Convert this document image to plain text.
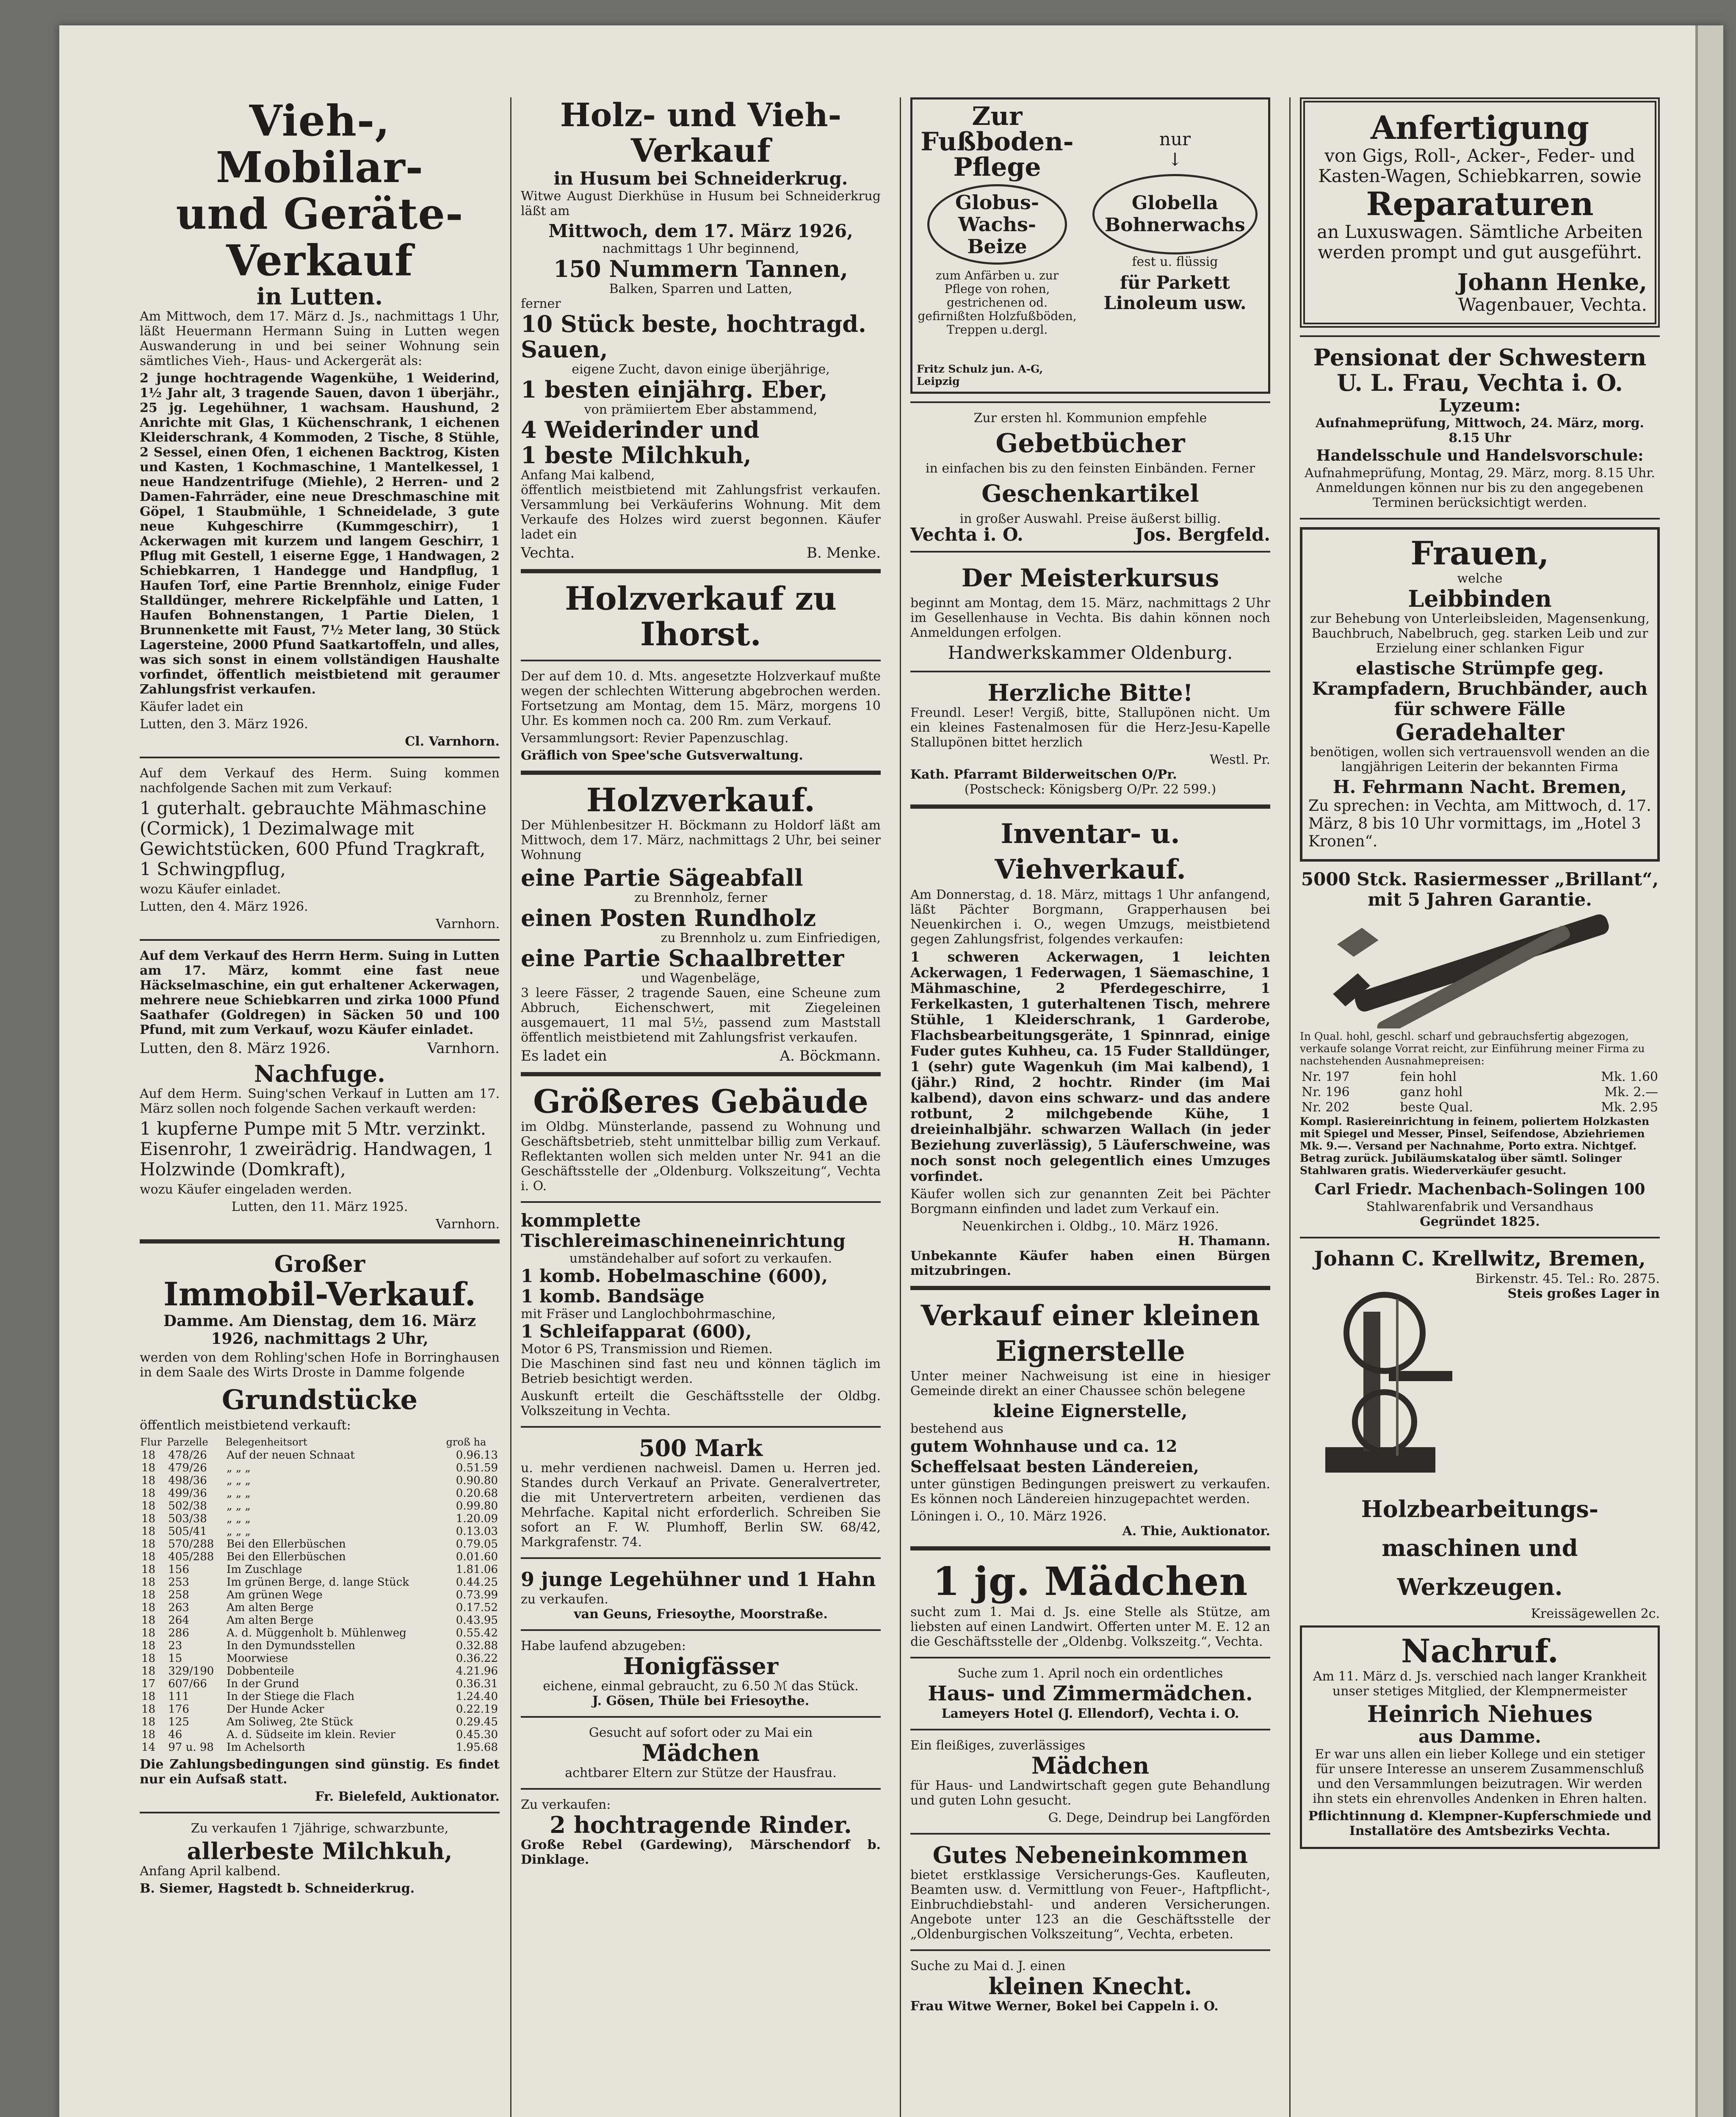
Vieh-, Mobilar-
und Geräte-Verkauf
in Lutten.

Am Mittwoch, dem 17. März d. Js., nachmittags 1 Uhr, läßt Heuermann Hermann Suing in Lutten wegen Auswanderung in und bei seiner Wohnung sein sämtliches Vieh-, Haus- und Ackergerät als:

2 junge hochtragende Wagenkühe, 1 Weiderind, 1½ Jahr alt, 3 tragende Sauen, davon 1 überjähr., 25 jg. Legehühner, 1 wachsam. Haushund, 2 Anrichte mit Glas, 1 Küchenschrank, 1 eichenen Kleiderschrank, 4 Kommoden, 2 Tische, 8 Stühle, 2 Sessel, einen Ofen, 1 eichenen Backtrog, Kisten und Kasten, 1 Kochmaschine, 1 Mantelkessel, 1 neue Handzentrifuge (Miehle), 2 Herren- und 2 Damen-Fahrräder, eine neue Dreschmaschine mit Göpel, 1 Staubmühle, 1 Schneidelade, 3 gute neue Kuhgeschirre (Kummgeschirr), 1 Ackerwagen mit kurzem und langem Geschirr, 1 Pflug mit Gestell, 1 eiserne Egge, 1 Handwagen, 2 Schiebkarren, 1 Handegge und Handpflug, 1 Haufen Torf, eine Partie Brennholz, einige Fuder Stalldünger, mehrere Rickelpfähle und Latten, 1 Haufen Bohnenstangen, 1 Partie Dielen, 1 Brunnenkette mit Faust, 7½ Meter lang, 30 Stück Lagersteine, 2000 Pfund Saatkartoffeln, und alles, was sich sonst in einem vollständigen Haushalte vorfindet, öffentlich meistbietend mit geraumer Zahlungsfrist verkaufen.

Käufer ladet ein

Lutten, den 3. März 1926.

Cl. Varnhorn.

Auf dem Verkauf des Herm. Suing kommen nachfolgende Sachen mit zum Verkauf:

1 guterhalt. gebrauchte Mähmaschine (Cormick), 1 Dezimalwage mit Gewichtstücken, 600 Pfund Tragkraft, 1 Schwingpflug,

wozu Käufer einladet.

Lutten, den 4. März 1926.

Varnhorn.

Auf dem Verkauf des Herrn Herm. Suing in Lutten am 17. März, kommt eine fast neue Häckselmaschine, ein gut erhaltener Ackerwagen, mehrere neue Schiebkarren und zirka 1000 Pfund Saathafer (Goldregen) in Säcken 50 und 100 Pfund, mit zum Verkauf, wozu Käufer einladet.

Lutten, den 8. März 1926.	Varnhorn.
Nachfuge.

Auf dem Herm. Suing'schen Verkauf in Lutten am 17. März sollen noch folgende Sachen verkauft werden:

1 kupferne Pumpe mit 5 Mtr. verzinkt. Eisenrohr, 1 zweirädrig. Handwagen, 1 Holzwinde (Domkraft),

wozu Käufer eingeladen werden.

Lutten, den 11. März 1925.

Varnhorn.

Großer
Immobil-Verkauf.

Damme. Am Dienstag, dem 16. März 1926, nachmittags 2 Uhr,

werden von dem Rohling'schen Hofe in Borringhausen in dem Saale des Wirts Droste in Damme folgende

Grundstücke

öffentlich meistbietend verkauft:

Flur	Parzelle	Belegenheitsort	groß ha
18	478/26	Auf der neuen Schnaat	0.96.13
18	479/26	„ „ „	0.51.59
18	498/36	„ „ „	0.90.80
18	499/36	„ „ „	0.20.68
18	502/38	„ „ „	0.99.80
18	503/38	„ „ „	1.20.09
18	505/41	„ „ „	0.13.03
18	570/288	Bei den Ellerbüschen	0.79.05
18	405/288	Bei den Ellerbüschen	0.01.60
18	156	Im Zuschlage	1.81.06
18	253	Im grünen Berge, d. lange Stück	0.44.25
18	258	Am grünen Wege	0.73.99
18	263	Am alten Berge	0.17.52
18	264	Am alten Berge	0.43.95
18	286	A. d. Müggenholt b. Mühlenweg	0.55.42
18	23	In den Dymundsstellen	0.32.88
18	15	Moorwiese	0.36.22
18	329/190	Dobbenteile	4.21.96
17	607/66	In der Grund	0.36.31
18	111	In der Stiege die Flach	1.24.40
18	176	Der Hunde Acker	0.22.19
18	125	Am Soliweg, 2te Stück	0.29.45
18	46	A. d. Südseite im klein. Revier	0.45.30
14	97 u. 98	Im Achelsorth	1.95.68

Die Zahlungsbedingungen sind günstig. Es findet nur ein Aufsaß statt.

Fr. Bielefeld, Auktionator.

Zu verkaufen 1 7jährige, schwarzbunte,

allerbeste Milchkuh,

Anfang April kalbend.

B. Siemer, Hagstedt b. Schneiderkrug.

Holz- und Vieh-Verkauf
in Husum bei Schneiderkrug.

Witwe August Dierkhüse in Husum bei Schneiderkrug läßt am

Mittwoch, dem 17. März 1926,
nachmittags 1 Uhr beginnend,
150 Nummern Tannen,
Balken, Sparren und Latten,
ferner
10 Stück beste, hochtragd. Sauen,
eigene Zucht, davon einige überjährige,
1 besten einjährg. Eber,
von prämiiertem Eber abstammend,
4 Weiderinder und
1 beste Milchkuh,
Anfang Mai kalbend,

öffentlich meistbietend mit Zahlungsfrist verkaufen. Versammlung bei Verkäuferins Wohnung. Mit dem Verkaufe des Holzes wird zuerst begonnen. Käufer ladet ein

Vechta.	B. Menke.
Holzverkauf zu Ihorst.

Der auf dem 10. d. Mts. angesetzte Holzverkauf mußte wegen der schlechten Witterung abgebrochen werden. Fortsetzung am Montag, dem 15. März, morgens 10 Uhr. Es kommen noch ca. 200 Rm. zum Verkauf.

Versammlungsort: Revier Papenzuschlag.

Gräflich von Spee'sche Gutsverwaltung.

Holzverkauf.

Der Mühlenbesitzer H. Böckmann zu Holdorf läßt am Mittwoch, dem 17. März, nachmittags 2 Uhr, bei seiner Wohnung

eine Partie Sägeabfall
zu Brennholz, ferner
einen Posten Rundholz
zu Brennholz u. zum Einfriedigen,
eine Partie Schaalbretter
und Wagenbeläge,

3 leere Fässer, 2 tragende Sauen, eine Scheune zum Abbruch, Eichenschwert, mit Ziegeleinen ausgemauert, 11 mal 5½, passend zum Maststall öffentlich meistbietend mit Zahlungsfrist verkaufen.

Es ladet ein	A. Böckmann.
Größeres Gebäude

im Oldbg. Münsterlande, passend zu Wohnung und Geschäftsbetrieb, steht unmittelbar billig zum Verkauf. Reflektanten wollen sich melden unter Nr. 941 an die Geschäftsstelle der „Oldenburg. Volkszeitung“, Vechta i. O.

kommplette Tischlereimaschineneinrichtung
umständehalber auf sofort zu verkaufen.
1 komb. Hobelmaschine (600),
1 komb. Bandsäge
mit Fräser und Langlochbohrmaschine,
1 Schleifapparat (600),
Motor 6 PS, Transmission und Riemen.

Die Maschinen sind fast neu und können täglich im Betrieb besichtigt werden.

Auskunft erteilt die Geschäftsstelle der Oldbg. Volkszeitung in Vechta.

500 Mark

u. mehr verdienen nachweisl. Damen u. Herren jed. Standes durch Verkauf an Private. Generalvertreter, die mit Untervertretern arbeiten, verdienen das Mehrfache. Kapital nicht erforderlich. Schreiben Sie sofort an F. W. Plumhoff, Berlin SW. 68/42, Markgrafenstr. 74.

9 junge Legehühner und 1 Hahn
zu verkaufen.
van Geuns, Friesoythe, Moorstraße.
Habe laufend abzugeben:
Honigfässer
eichene, einmal gebraucht, zu 6.50 ℳ das Stück.
J. Gösen, Thüle bei Friesoythe.
Gesucht auf sofort oder zu Mai ein
Mädchen
achtbarer Eltern zur Stütze der Hausfrau.
Zu verkaufen:
2 hochtragende Rinder.
Große Rebel (Gardewing), Märschendorf b. Dinklage.
Zur Fußboden-Pflege
Globus-
Wachs-Beize
zum Anfärben u. zur Pflege von rohen, gestrichenen od. gefirnißten Holzfußböden, Treppen u.dergl.
Fritz Schulz jun. A-G, Leipzig
nur
↓
Globella
Bohnerwachs
fest u. flüssig
für Parkett
Linoleum usw.
Zur ersten hl. Kommunion empfehle
Gebetbücher
in einfachen bis zu den feinsten Einbänden. Ferner
Geschenkartikel
in großer Auswahl. Preise äußerst billig.
Vechta i. O.	Jos. Bergfeld.
Der Meisterkursus

beginnt am Montag, dem 15. März, nachmittags 2 Uhr im Gesellenhause in Vechta. Bis dahin können noch Anmeldungen erfolgen.

Handwerkskammer Oldenburg.
Herzliche Bitte!

Freundl. Leser! Vergiß, bitte, Stallupönen nicht. Um ein kleines Fastenalmosen für die Herz-Jesu-Kapelle Stallupönen bittet herzlich

Westl. Pr.
Kath. Pfarramt Bilderweitschen O/Pr.
(Postscheck: Königsberg O/Pr. 22 599.)
Inventar- u. Viehverkauf.

Am Donnerstag, d. 18. März, mittags 1 Uhr anfangend, läßt Pächter Borgmann, Grapperhausen bei Neuenkirchen i. O., wegen Umzugs, meistbietend gegen Zahlungsfrist, folgendes verkaufen:

1 schweren Ackerwagen, 1 leichten Ackerwagen, 1 Federwagen, 1 Säemaschine, 1 Mähmaschine, 2 Pferdegeschirre, 1 Ferkelkasten, 1 guterhaltenen Tisch, mehrere Stühle, 1 Kleiderschrank, 1 Garderobe, Flachsbearbeitungsgeräte, 1 Spinnrad, einige Fuder gutes Kuhheu, ca. 15 Fuder Stalldünger, 1 (sehr) gute Wagenkuh (im Mai kalbend), 1 (jähr.) Rind, 2 hochtr. Rinder (im Mai kalbend), davon eins schwarz- und das andere rotbunt, 2 milchgebende Kühe, 1 dreieinhalbjähr. schwarzen Wallach (in jeder Beziehung zuverlässig), 5 Läuferschweine, was noch sonst noch gelegentlich eines Umzuges vorfindet.

Käufer wollen sich zur genannten Zeit bei Pächter Borgmann einfinden und ladet zum Verkauf ein.

Neuenkirchen i. Oldbg., 10. März 1926.
H. Thamann.
Unbekannte Käufer haben einen Bürgen mitzubringen.
Verkauf einer kleinen Eignerstelle

Unter meiner Nachweisung ist eine in hiesiger Gemeinde direkt an einer Chaussee schön belegene

kleine Eignerstelle,
bestehend aus
gutem Wohnhause und ca. 12 Scheffelsaat besten Ländereien,

unter günstigen Bedingungen preiswert zu verkaufen. Es können noch Ländereien hinzugepachtet werden.

Löningen i. O., 10. März 1926.
A. Thie, Auktionator.
1 jg. Mädchen

sucht zum 1. Mai d. Js. eine Stelle als Stütze, am liebsten auf einen Landwirt. Offerten unter M. E. 12 an die Geschäftsstelle der „Oldenbg. Volkszeitg.“, Vechta.

Suche zum 1. April noch ein ordentliches
Haus- und Zimmermädchen.
Lameyers Hotel (J. Ellendorf), Vechta i. O.
Ein fleißiges, zuverlässiges
Mädchen

für Haus- und Landwirtschaft gegen gute Behandlung und guten Lohn gesucht.

G. Dege, Deindrup bei Langförden
Gutes Nebeneinkommen

bietet erstklassige Versicherungs-Ges. Kaufleuten, Beamten usw. d. Vermittlung von Feuer-, Haftpflicht-, Einbruchdiebstahl- und anderen Versicherungen. Angebote unter 123 an die Geschäftsstelle der „Oldenburgischen Volkszeitung“, Vechta, erbeten.

Suche zu Mai d. J. einen
kleinen Knecht.
Frau Witwe Werner, Bokel bei Cappeln i. O.
Anfertigung
von Gigs, Roll-, Acker-, Feder- und Kasten-Wagen, Schiebkarren, sowie
Reparaturen
an Luxuswagen. Sämtliche Arbeiten werden prompt und gut ausgeführt.
Johann Henke,
Wagenbauer, Vechta.
Pensionat der Schwestern
U. L. Frau, Vechta i. O.
Lyzeum:
Aufnahmeprüfung, Mittwoch, 24. März, morg. 8.15 Uhr
Handelsschule und Handelsvorschule:

Aufnahmeprüfung, Montag, 29. März, morg. 8.15 Uhr. Anmeldungen können nur bis zu den angegebenen Terminen berücksichtigt werden.

Frauen,
welche
Leibbinden

zur Behebung von Unterleibsleiden, Magensenkung, Bauchbruch, Nabelbruch, geg. starken Leib und zur Erzielung einer schlanken Figur

elastische Strümpfe geg. Krampfadern, Bruchbänder, auch für schwere Fälle
Geradehalter

benötigen, wollen sich vertrauensvoll wenden an die langjährigen Leiterin der bekannten Firma

H. Fehrmann Nacht. Bremen,

Zu sprechen: in Vechta, am Mittwoch, d. 17. März, 8 bis 10 Uhr vormittags, im „Hotel 3 Kronen“.

5000 Stck. Rasiermesser „Brillant“, mit 5 Jahren Garantie.

In Qual. hohl, geschl. scharf und gebrauchsfertig abgezogen, verkaufe solange Vorrat reicht, zur Einführung meiner Firma zu nachstehenden Ausnahmepreisen:

Nr. 197	fein hohl	Mk. 1.60
Nr. 196	ganz hohl	Mk. 2.—
Nr. 202	beste Qual.	Mk. 2.95

Kompl. Rasiereinrichtung in feinem, poliertem Holzkasten mit Spiegel und Messer, Pinsel, Seifendose, Abziehriemen Mk. 9.—. Versand per Nachnahme, Porto extra. Nichtgef. Betrag zurück. Jubiläumskatalog über sämtl. Solinger Stahlwaren gratis. Wiederverkäufer gesucht.

Carl Friedr. Machenbach-Solingen 100
Stahlwarenfabrik und Versandhaus
Gegründet 1825.
Johann C. Krellwitz, Bremen,
Birkenstr. 45. Tel.: Ro. 2875.
Steis großes Lager in
Holzbearbeitungs-
maschinen und
Werkzeugen.
Kreissägewellen 2c.
Nachruf.

Am 11. März d. Js. verschied nach langer Krankheit unser stetiges Mitglied, der Klempnermeister

Heinrich Niehues
aus Damme.

Er war uns allen ein lieber Kollege und ein stetiger für unsere Interesse an unserem Zusammenschluß und den Versammlungen beizutragen. Wir werden ihn stets ein ehrenvolles Andenken in Ehren halten.

Pflichtinnung d. Klempner-Kupferschmiede und Installatöre des Amtsbezirks Vechta.
